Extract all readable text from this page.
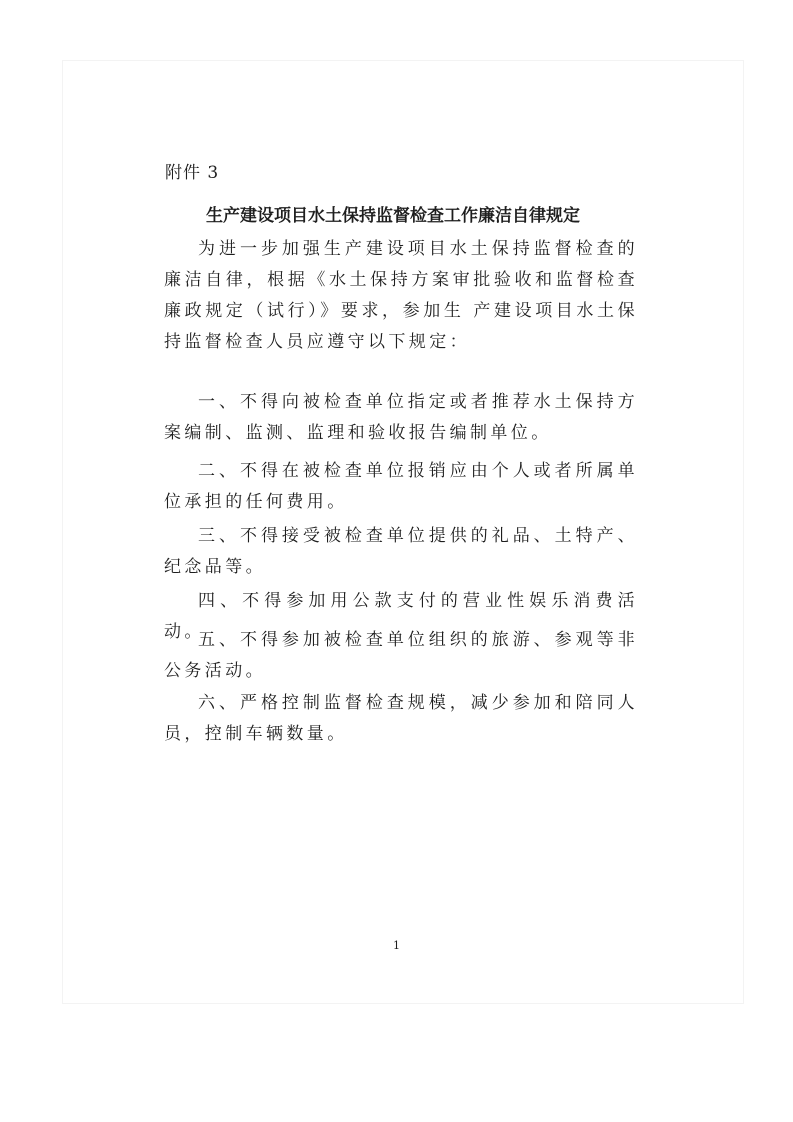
附件 3
生产建设项目水土保持监督检查工作廉洁自律规定

为进一步加强生产建设项目水土保持监督检查的廉洁自律，根据《水土保持方案审批验收和监督检查廉政规定（试行）》要求，参加生 产建设项目水土保持监督检查人员应遵守以下规定：

一、不得向被检查单位指定或者推荐水土保持方案编制、监测、监理和验收报告编制单位。

二、不得在被检查单位报销应由个人或者所属单位承担的任何费用。

三、不得接受被检查单位提供的礼品、土特产、纪念品等。

四、不得参加用公款支付的营业性娱乐消费活动。

五、不得参加被检查单位组织的旅游、参观等非公务活动。

六、严格控制监督检查规模，减少参加和陪同人员，控制车辆数量。

1
